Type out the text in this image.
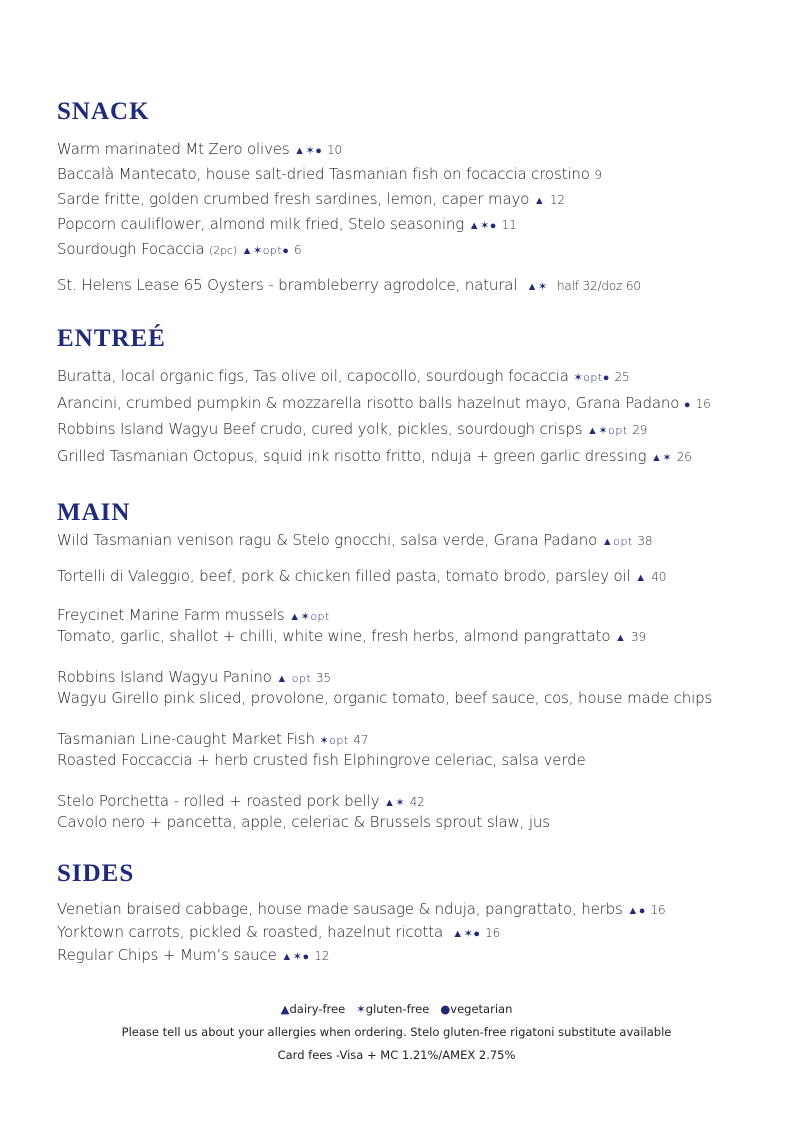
SNACK
Warm marinated Mt Zero olives ▲✶● 10
Baccalà Mantecato, house salt-dried Tasmanian fish on focaccia crostino 9
Sarde fritte, golden crumbed fresh sardines, lemon, caper mayo ▲ 12
Popcorn cauliflower, almond milk fried, Stelo seasoning ▲✶● 11
Sourdough Focaccia (2pc) ▲✶opt● 6
St. Helens Lease 65 Oysters - brambleberry agrodolce, natural ▲✶ half 32/doz 60
ENTREÉ
Buratta, local organic figs, Tas olive oil, capocollo, sourdough focaccia ✶opt● 25
Arancini, crumbed pumpkin & mozzarella risotto balls hazelnut mayo, Grana Padano ● 16
Robbins Island Wagyu Beef crudo, cured yolk, pickles, sourdough crisps ▲✶opt 29
Grilled Tasmanian Octopus, squid ink risotto fritto, nduja + green garlic dressing ▲✶ 26
MAIN
Wild Tasmanian venison ragu & Stelo gnocchi, salsa verde, Grana Padano ▲opt 38
Tortelli di Valeggio, beef, pork & chicken filled pasta, tomato brodo, parsley oil ▲ 40
Freycinet Marine Farm mussels ▲✶opt
Tomato, garlic, shallot + chilli, white wine, fresh herbs, almond pangrattato ▲ 39
Robbins Island Wagyu Panino ▲ opt 35
Wagyu Girello pink sliced, provolone, organic tomato, beef sauce, cos, house made chips
Tasmanian Line-caught Market Fish ✶opt 47
Roasted Foccaccia + herb crusted fish Elphingrove celeriac, salsa verde
Stelo Porchetta - rolled + roasted pork belly ▲✶ 42
Cavolo nero + pancetta, apple, celeriac & Brussels sprout slaw, jus
SIDES
Venetian braised cabbage, house made sausage & nduja, pangrattato, herbs ▲● 16
Yorktown carrots, pickled & roasted, hazelnut ricotta ▲✶● 16
Regular Chips + Mum’s sauce ▲✶● 12
▲dairy-free ✶gluten-free ●vegetarian
Please tell us about your allergies when ordering. Stelo gluten-free rigatoni substitute available
Card fees -Visa + MC 1.21%/AMEX 2.75%
